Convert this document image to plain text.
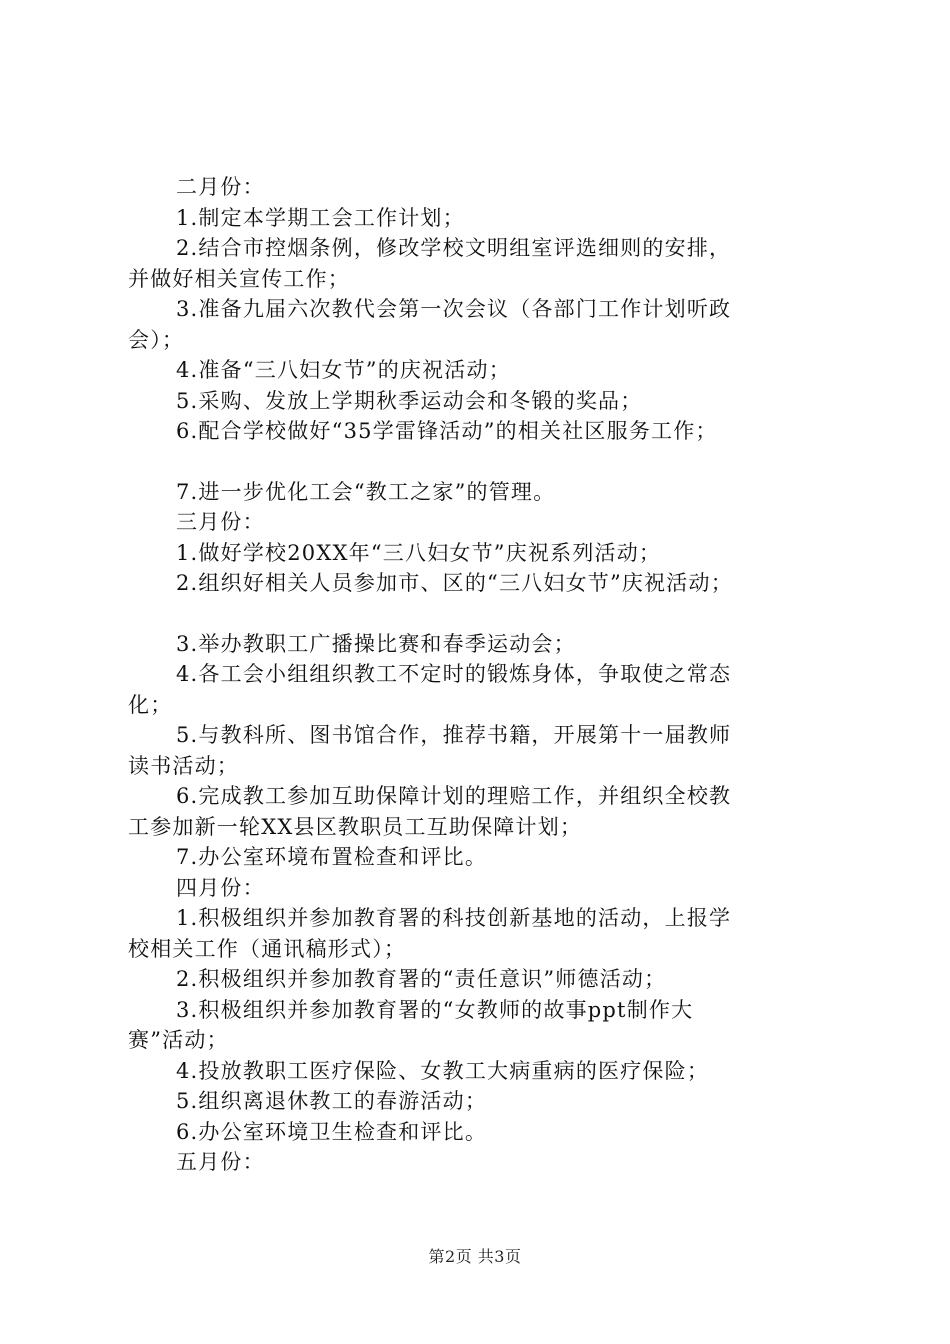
二月份：
1.制定本学期工会工作计划；
2.结合市控烟条例，修改学校文明组室评选细则的安排，
并做好相关宣传工作；
3.准备九届六次教代会第一次会议（各部门工作计划听政
会）；
4.准备“三八妇女节”的庆祝活动；
5.采购、发放上学期秋季运动会和冬锻的奖品；
6.配合学校做好“35学雷锋活动”的相关社区服务工作；
7.进一步优化工会“教工之家”的管理。
三月份：
1.做好学校20XX年“三八妇女节”庆祝系列活动；
2.组织好相关人员参加市、区的“三八妇女节”庆祝活动；
3.举办教职工广播操比赛和春季运动会；
4.各工会小组组织教工不定时的锻炼身体，争取使之常态
化；
5.与教科所、图书馆合作，推荐书籍，开展第十一届教师
读书活动；
6.完成教工参加互助保障计划的理赔工作，并组织全校教
工参加新一轮XX县区教职员工互助保障计划；
7.办公室环境布置检查和评比。
四月份：
1.积极组织并参加教育署的科技创新基地的活动，上报学
校相关工作（通讯稿形式）；
2.积极组织并参加教育署的“责任意识”师德活动；
3.积极组织并参加教育署的“女教师的故事ppt制作大
赛”活动；
4.投放教职工医疗保险、女教工大病重病的医疗保险；
5.组织离退休教工的春游活动；
6.办公室环境卫生检查和评比。
五月份：
第2页 共3页
